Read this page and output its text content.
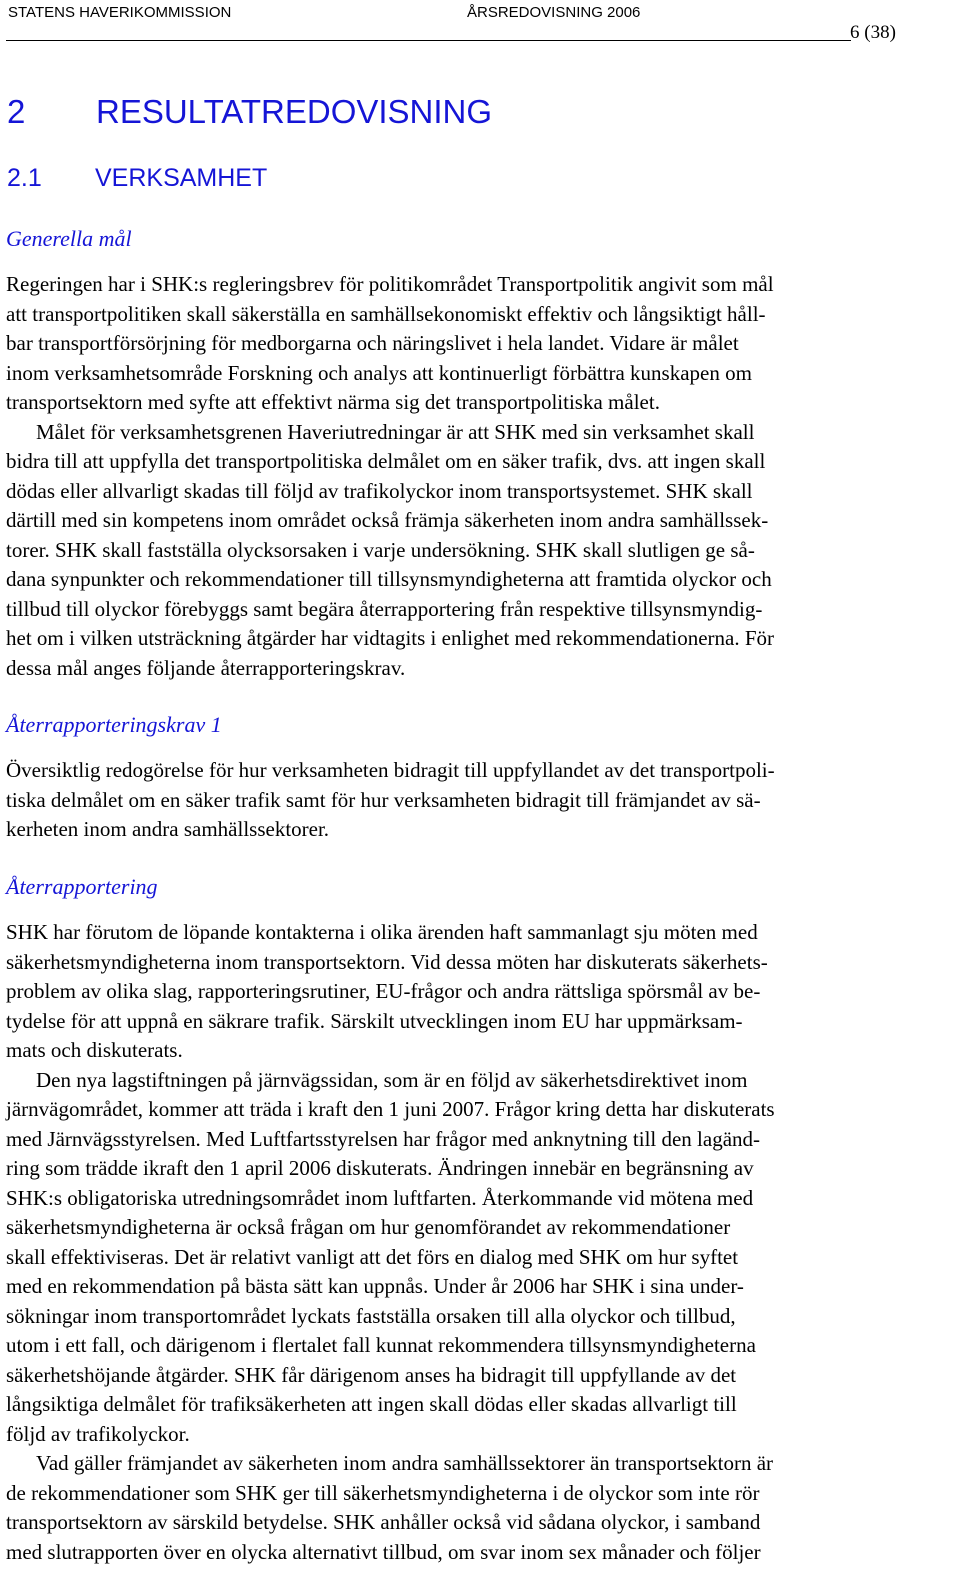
STATENS HAVERIKOMMISSION	ÅRSREDOVISNING 2006
6 (38)
2 RESULTATREDOVISNING
2.1 VERKSAMHET
Generella mål
Regeringen har i SHK:s regleringsbrev för politikområdet Transportpolitik angivit som mål
att transportpolitiken skall säkerställa en samhällsekonomiskt effektiv och långsiktigt håll-
bar transportförsörjning för medborgarna och näringslivet i hela landet. Vidare är målet
inom verksamhetsområde Forskning och analys att kontinuerligt förbättra kunskapen om
transportsektorn med syfte att effektivt närma sig det transportpolitiska målet.
Målet för verksamhetsgrenen Haveriutredningar är att SHK med sin verksamhet skall
bidra till att uppfylla det transportpolitiska delmålet om en säker trafik, dvs. att ingen skall
dödas eller allvarligt skadas till följd av trafikolyckor inom transportsystemet. SHK skall
därtill med sin kompetens inom området också främja säkerheten inom andra samhällssek-
torer. SHK skall fastställa olycksorsaken i varje undersökning. SHK skall slutligen ge så-
dana synpunkter och rekommendationer till tillsynsmyndigheterna att framtida olyckor och
tillbud till olyckor förebyggs samt begära återrapportering från respektive tillsynsmyndig-
het om i vilken utsträckning åtgärder har vidtagits i enlighet med rekommendationerna. För
dessa mål anges följande återrapporteringskrav.
Återrapporteringskrav 1
Översiktlig redogörelse för hur verksamheten bidragit till uppfyllandet av det transportpoli-
tiska delmålet om en säker trafik samt för hur verksamheten bidragit till främjandet av sä-
kerheten inom andra samhällssektorer.
Återrapportering
SHK har förutom de löpande kontakterna i olika ärenden haft sammanlagt sju möten med
säkerhetsmyndigheterna inom transportsektorn. Vid dessa möten har diskuterats säkerhets-
problem av olika slag, rapporteringsrutiner, EU-frågor och andra rättsliga spörsmål av be-
tydelse för att uppnå en säkrare trafik. Särskilt utvecklingen inom EU har uppmärksam-
mats och diskuterats.
Den nya lagstiftningen på järnvägssidan, som är en följd av säkerhetsdirektivet inom
järnvägområdet, kommer att träda i kraft den 1 juni 2007. Frågor kring detta har diskuterats
med Järnvägsstyrelsen. Med Luftfartsstyrelsen har frågor med anknytning till den lagänd-
ring som trädde ikraft den 1 april 2006 diskuterats. Ändringen innebär en begränsning av
SHK:s obligatoriska utredningsområdet inom luftfarten. Återkommande vid mötena med
säkerhetsmyndigheterna är också frågan om hur genomförandet av rekommendationer
skall effektiviseras. Det är relativt vanligt att det förs en dialog med SHK om hur syftet
med en rekommendation på bästa sätt kan uppnås. Under år 2006 har SHK i sina under-
sökningar inom transportområdet lyckats fastställa orsaken till alla olyckor och tillbud,
utom i ett fall, och därigenom i flertalet fall kunnat rekommendera tillsynsmyndigheterna
säkerhetshöjande åtgärder. SHK får därigenom anses ha bidragit till uppfyllande av det
långsiktiga delmålet för trafiksäkerheten att ingen skall dödas eller skadas allvarligt till
följd av trafikolyckor.
Vad gäller främjandet av säkerheten inom andra samhällssektorer än transportsektorn är
de rekommendationer som SHK ger till säkerhetsmyndigheterna i de olyckor som inte rör
transportsektorn av särskild betydelse. SHK anhåller också vid sådana olyckor, i samband
med slutrapporten över en olycka alternativt tillbud, om svar inom sex månader och följer
